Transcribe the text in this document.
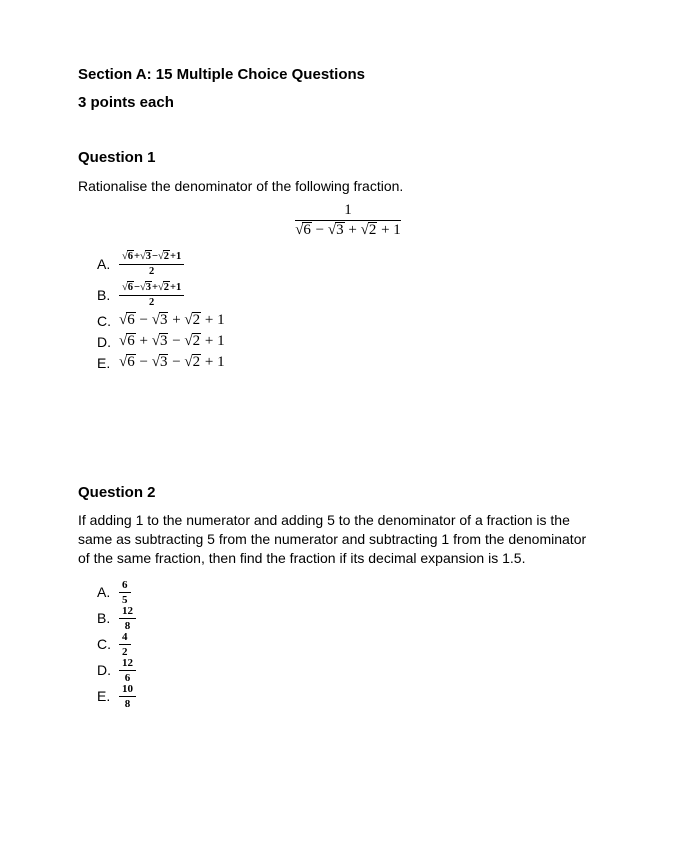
Section A: 15 Multiple Choice Questions
3 points each
Question 1
Rationalise the denominator of the following fraction.
$\frac{1}{√6 - √3 + √2 + 1}$
A. $\frac{√6+√3-√2+1}{2}$
B. $\frac{√6-√3+√2+1}{2}$
C. √6 − √3 + √2 + 1
D. √6 + √3 − √2 + 1
E. √6 − √3 − √2 + 1
Question 2
If adding 1 to the numerator and adding 5 to the denominator of a fraction is the
same as subtracting 5 from the numerator and subtracting 1 from the denominator
of the same fraction, then find the fraction if its decimal expansion is 1.5.
A. $\frac{6}{5}$
B. $\frac{12}{8}$
C. $\frac{4}{2}$
D. $\frac{12}{6}$
E. $\frac{10}{8}$
